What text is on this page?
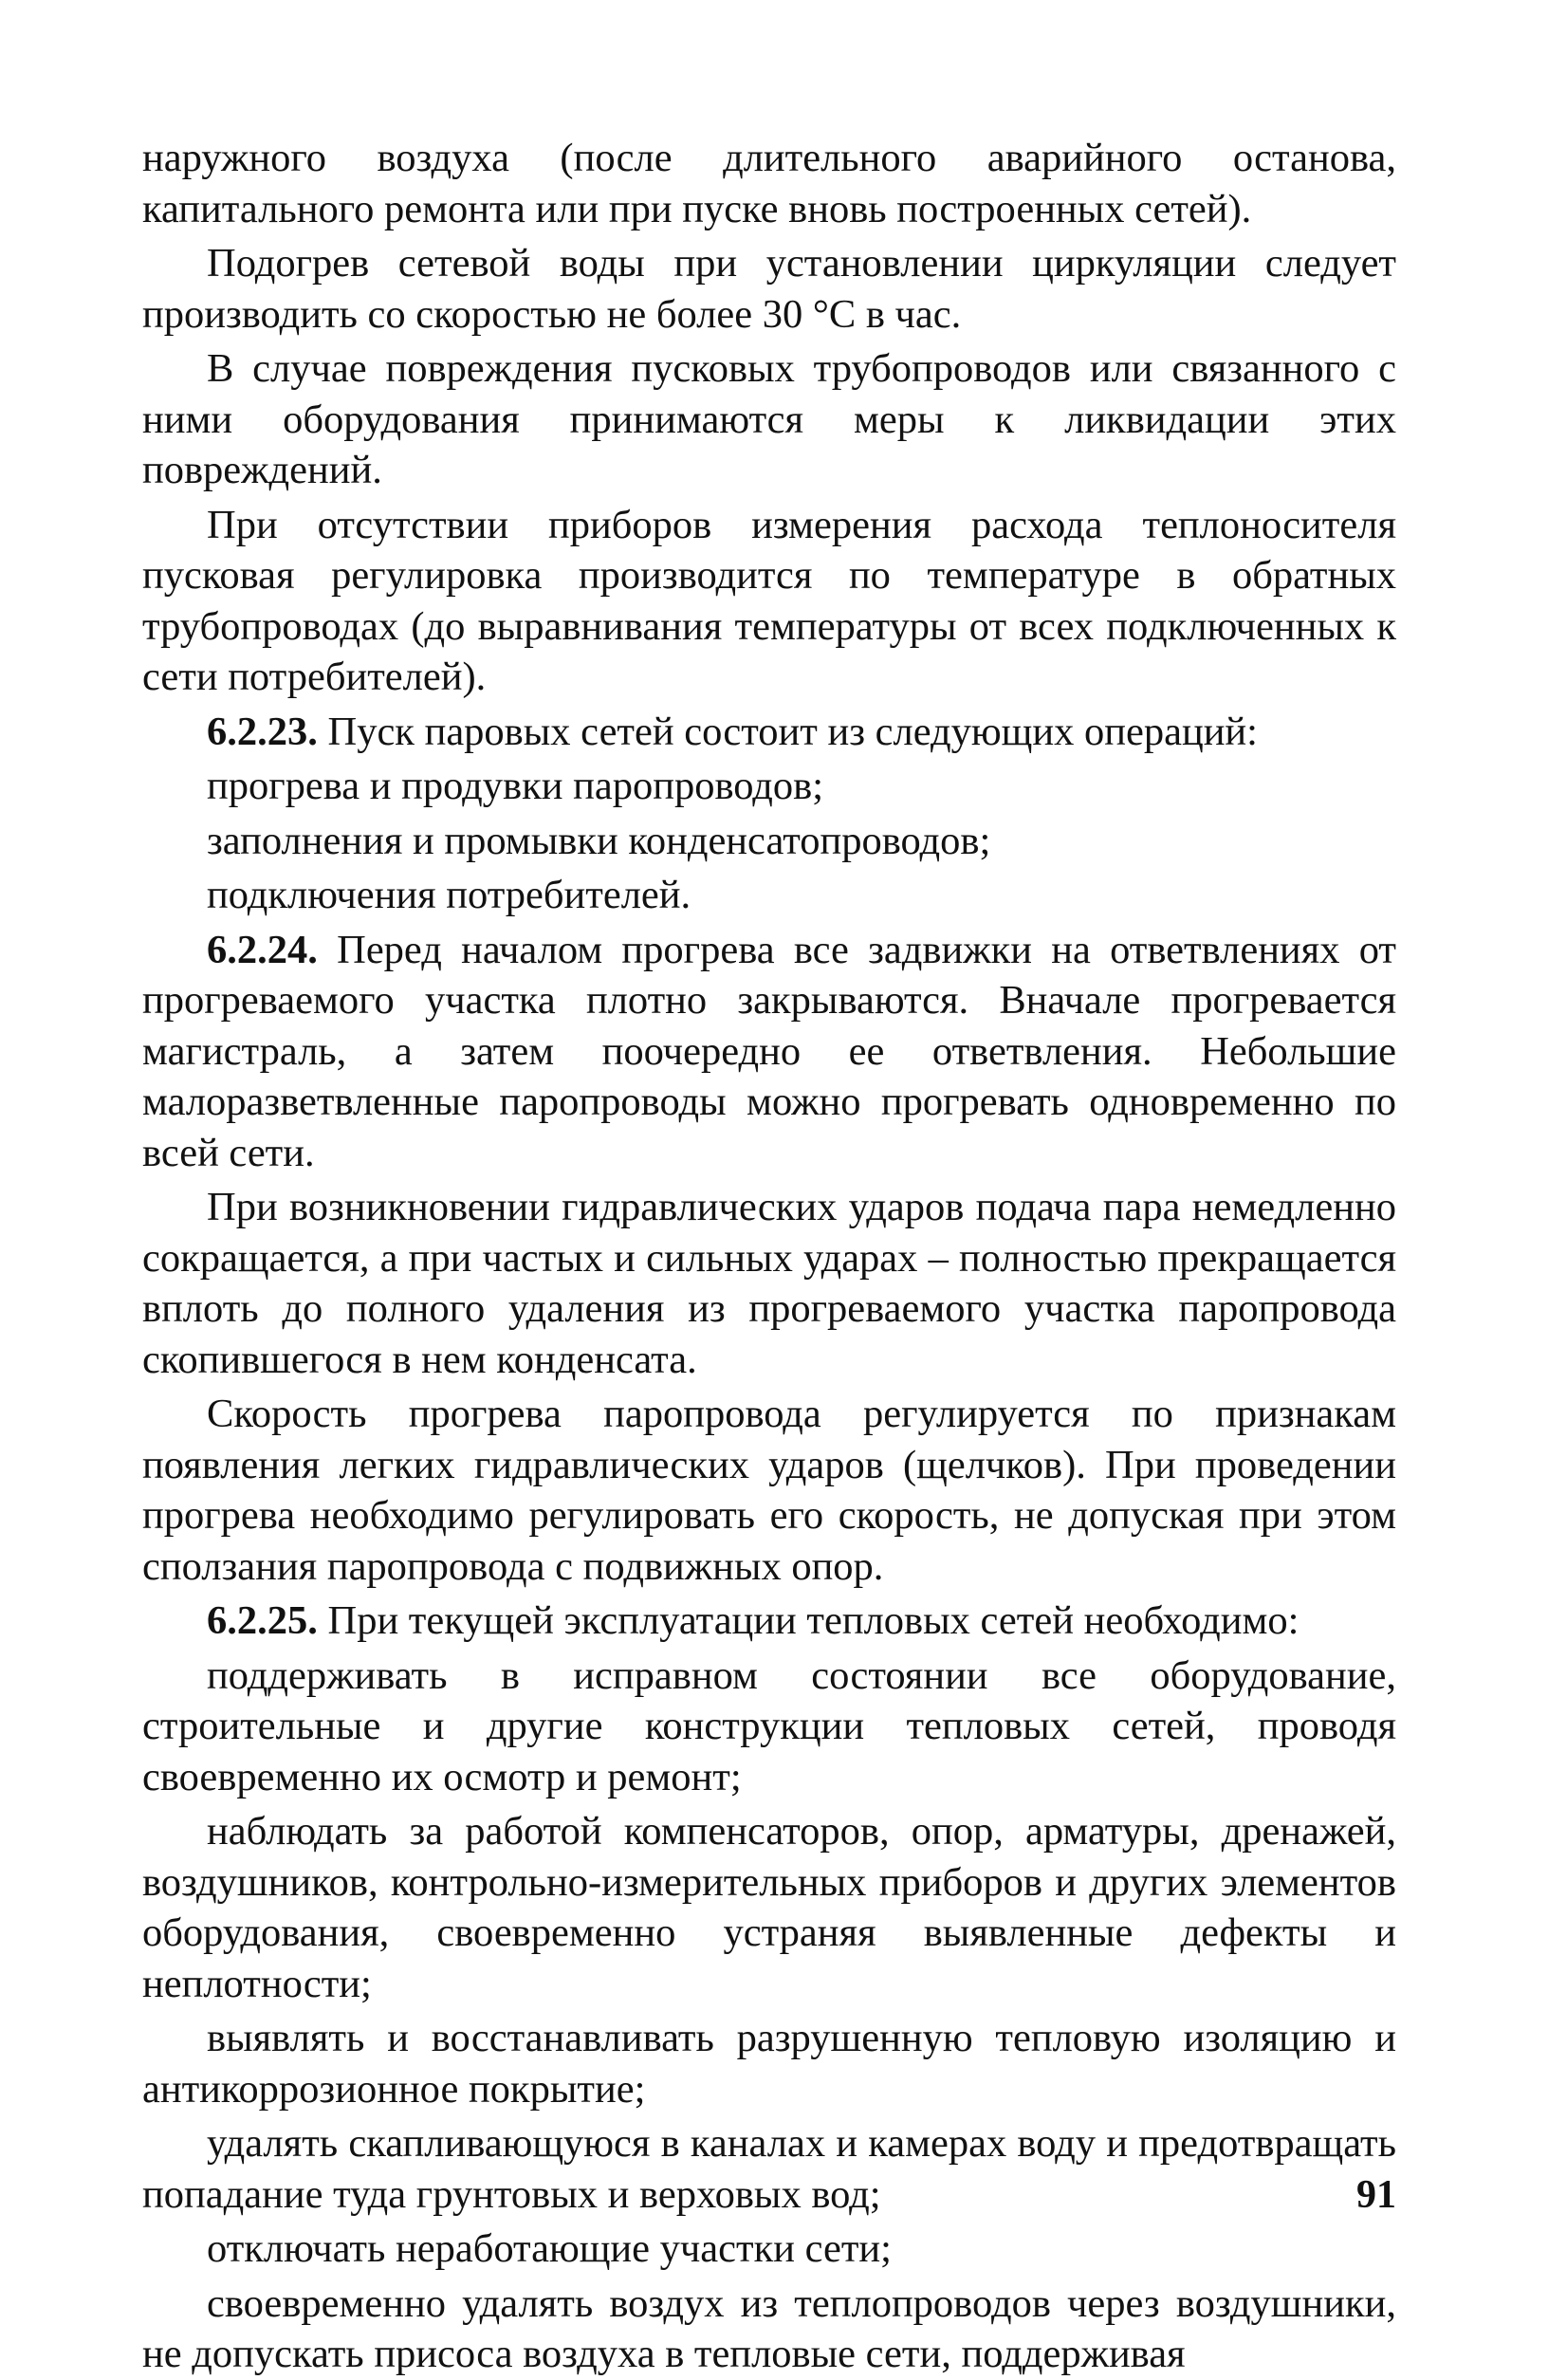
наружного воздуха (после длительного аварийного останова, капитального ремонта или при пуске вновь построенных сетей).

Подогрев сетевой воды при установлении циркуляции следует производить со скоростью не более 30 °С в час.

В случае повреждения пусковых трубопроводов или связанного с ними оборудования принимаются меры к ликвидации этих повреждений.

При отсутствии приборов измерения расхода теплоносителя пусковая регулировка производится по температуре в обратных трубопроводах (до выравнивания температуры от всех подключенных к сети потребителей).

6.2.23. Пуск паровых сетей состоит из следующих операций:

прогрева и продувки паропроводов;

заполнения и промывки конденсатопроводов;

подключения потребителей.

6.2.24. Перед началом прогрева все задвижки на ответвлениях от прогреваемого участка плотно закрываются. Вначале прогревается магистраль, а затем поочередно ее ответвления. Небольшие малоразветвленные паропроводы можно прогревать одновременно по всей сети.

При возникновении гидравлических ударов подача пара немедленно сокращается, а при частых и сильных ударах – полностью прекращается вплоть до полного удаления из прогреваемого участка паропровода скопившегося в нем конденсата.

Скорость прогрева паропровода регулируется по признакам появления легких гидравлических ударов (щелчков). При проведении прогрева необходимо регулировать его скорость, не допуская при этом сползания паропровода с подвижных опор.

6.2.25. При текущей эксплуатации тепловых сетей необходимо:

поддерживать в исправном состоянии все оборудование, строительные и другие конструкции тепловых сетей, проводя своевременно их осмотр и ремонт;

наблюдать за работой компенсаторов, опор, арматуры, дренажей, воздушников, контрольно-измерительных приборов и других элементов оборудования, своевременно устраняя выявленные дефекты и неплотности;

выявлять и восстанавливать разрушенную тепловую изоляцию и антикоррозионное покрытие;

удалять скапливающуюся в каналах и камерах воду и предотвращать попадание туда грунтовых и верховых вод;

отключать неработающие участки сети;

своевременно удалять воздух из теплопроводов через воздушники, не допускать присоса воздуха в тепловые сети, поддерживая

91
